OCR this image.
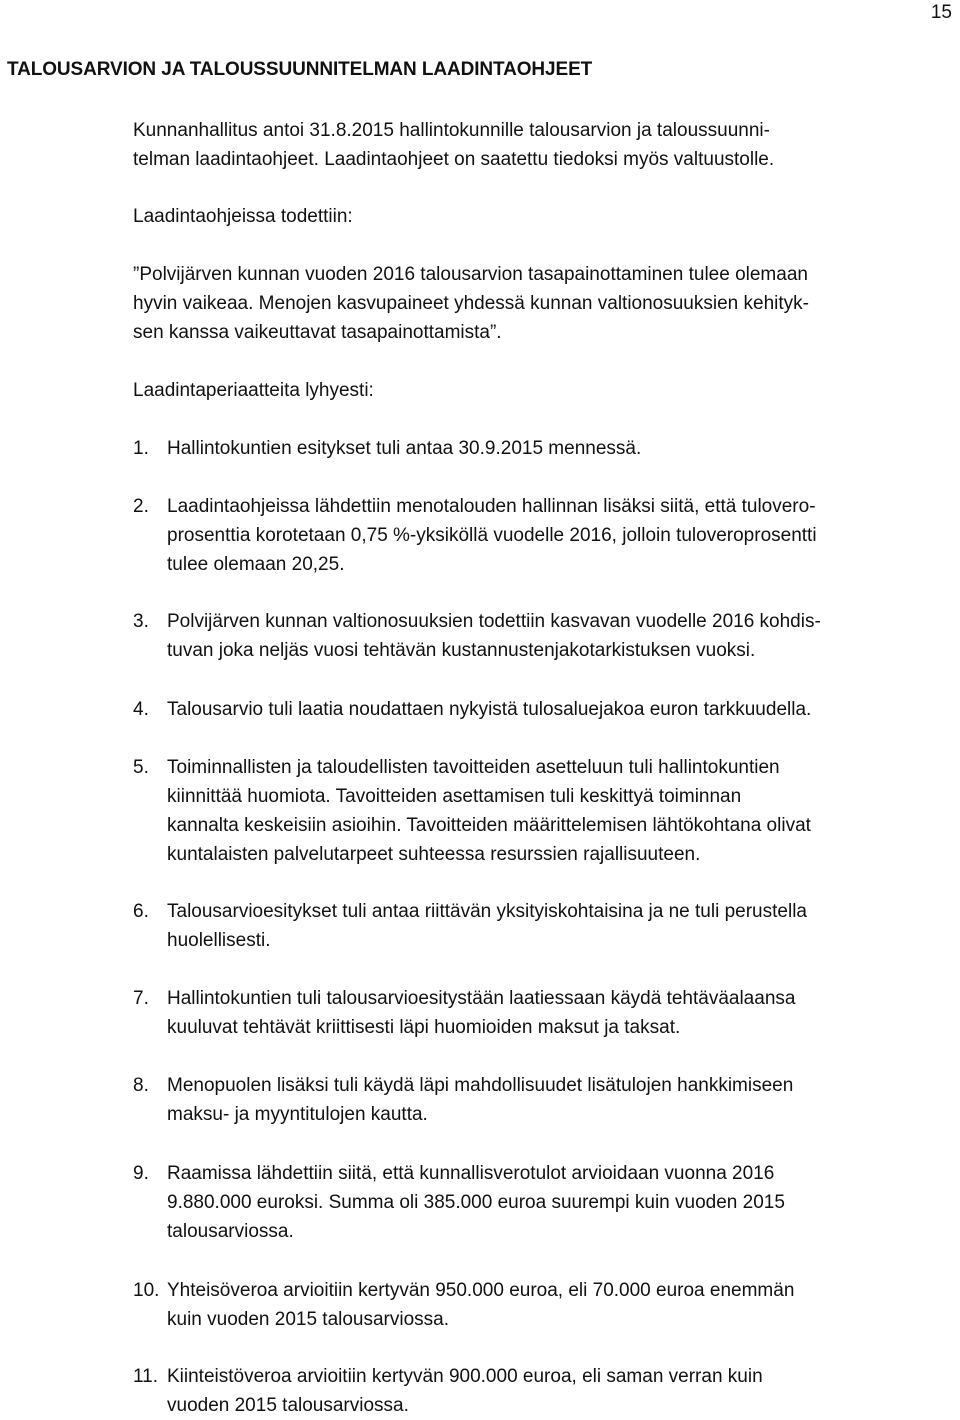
15
TALOUSARVION JA TALOUSSUUNNITELMAN LAADINTAOHJEET
Kunnanhallitus antoi 31.8.2015 hallintokunnille talousarvion ja taloussuunni-
telman laadintaohjeet. Laadintaohjeet on saatettu tiedoksi myös valtuustolle.
Laadintaohjeissa todettiin:
”Polvijärven kunnan vuoden 2016 talousarvion tasapainottaminen tulee olemaan
hyvin vaikeaa. Menojen kasvupaineet yhdessä kunnan valtionosuuksien kehityk-
sen kanssa vaikeuttavat tasapainottamista”.
Laadintaperiaatteita lyhyesti:
1. Hallintokuntien esitykset tuli antaa 30.9.2015 mennessä.
2. Laadintaohjeissa lähdettiin menotalouden hallinnan lisäksi siitä, että tulovero-
prosenttia korotetaan 0,75 %-yksiköllä vuodelle 2016, jolloin tuloveroprosentti
tulee olemaan 20,25.
3. Polvijärven kunnan valtionosuuksien todettiin kasvavan vuodelle 2016 kohdis-
tuvan joka neljäs vuosi tehtävän kustannustenjakotarkistuksen vuoksi.
4. Talousarvio tuli laatia noudattaen nykyistä tulosaluejakoa euron tarkkuudella.
5. Toiminnallisten ja taloudellisten tavoitteiden asetteluun tuli hallintokuntien
kiinnittää huomiota. Tavoitteiden asettamisen tuli keskittyä toiminnan
kannalta keskeisiin asioihin. Tavoitteiden määrittelemisen lähtökohtana olivat
kuntalaisten palvelutarpeet suhteessa resurssien rajallisuuteen.
6. Talousarvioesitykset tuli antaa riittävän yksityiskohtaisina ja ne tuli perustella
huolellisesti.
7. Hallintokuntien tuli talousarvioesitystään laatiessaan käydä tehtäväalaansa
kuuluvat tehtävät kriittisesti läpi huomioiden maksut ja taksat.
8. Menopuolen lisäksi tuli käydä läpi mahdollisuudet lisätulojen hankkimiseen
maksu- ja myyntitulojen kautta.
9. Raamissa lähdettiin siitä, että kunnallisverotulot arvioidaan vuonna 2016
9.880.000 euroksi. Summa oli 385.000 euroa suurempi kuin vuoden 2015
talousarviossa.
10. Yhteisöveroa arvioitiin kertyvän 950.000 euroa, eli 70.000 euroa enemmän
kuin vuoden 2015 talousarviossa.
11. Kiinteistöveroa arvioitiin kertyvän 900.000 euroa, eli saman verran kuin
vuoden 2015 talousarviossa.
